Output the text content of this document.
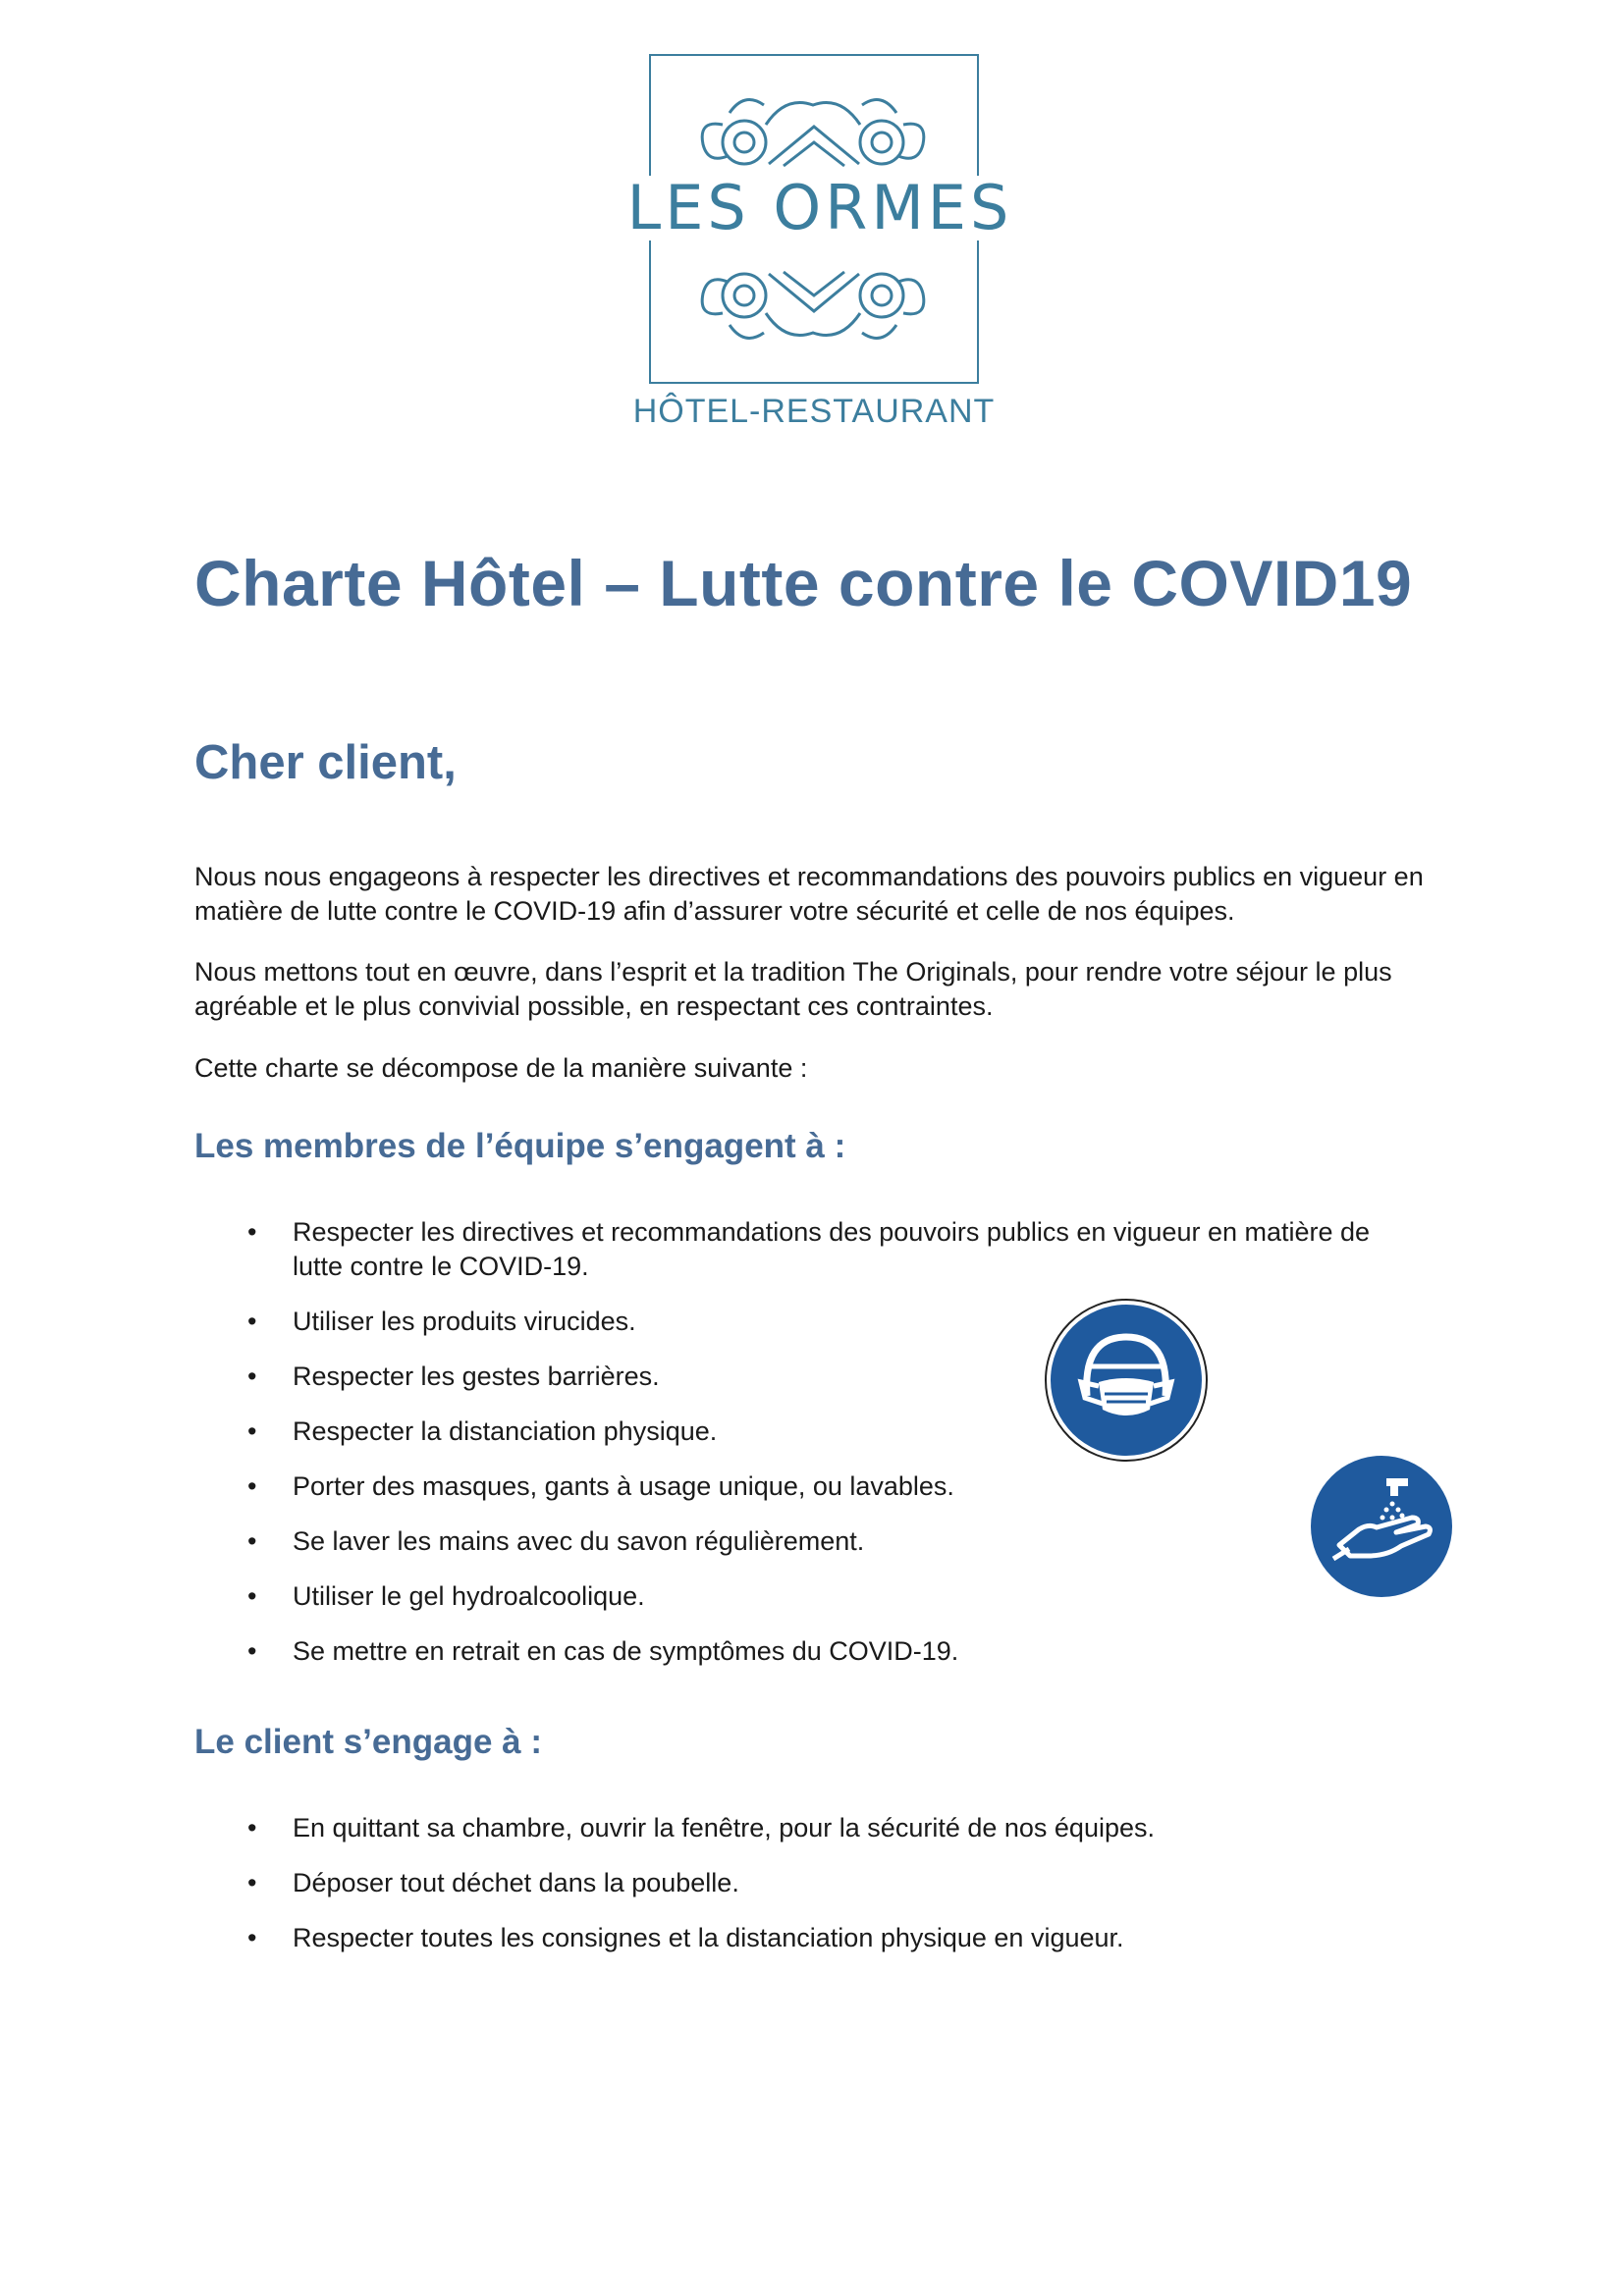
LES ORMES
HÔTEL-RESTAURANT
Charte Hôtel – Lutte contre le COVID19
Cher client,

Nous nous engageons à respecter les directives et recommandations des pouvoirs publics en vigueur en matière de lutte contre le COVID-19 afin d’assurer votre sécurité et celle de nos équipes.

Nous mettons tout en œuvre, dans l’esprit et la tradition The Originals, pour rendre votre séjour le plus agréable et le plus convivial possible, en respectant ces contraintes.

Cette charte se décompose de la manière suivante :

Les membres de l’équipe s’engagent à :
• Respecter les directives et recommandations des pouvoirs publics en vigueur en matière de lutte contre le COVID-19.
• Utiliser les produits virucides.
• Respecter les gestes barrières.
• Respecter la distanciation physique.
• Porter des masques, gants à usage unique, ou lavables.
• Se laver les mains avec du savon régulièrement.
• Utiliser le gel hydroalcoolique.
• Se mettre en retrait en cas de symptômes du COVID-19.
Le client s’engage à :
• En quittant sa chambre, ouvrir la fenêtre, pour la sécurité de nos équipes.
• Déposer tout déchet dans la poubelle.
• Respecter toutes les consignes et la distanciation physique en vigueur.
